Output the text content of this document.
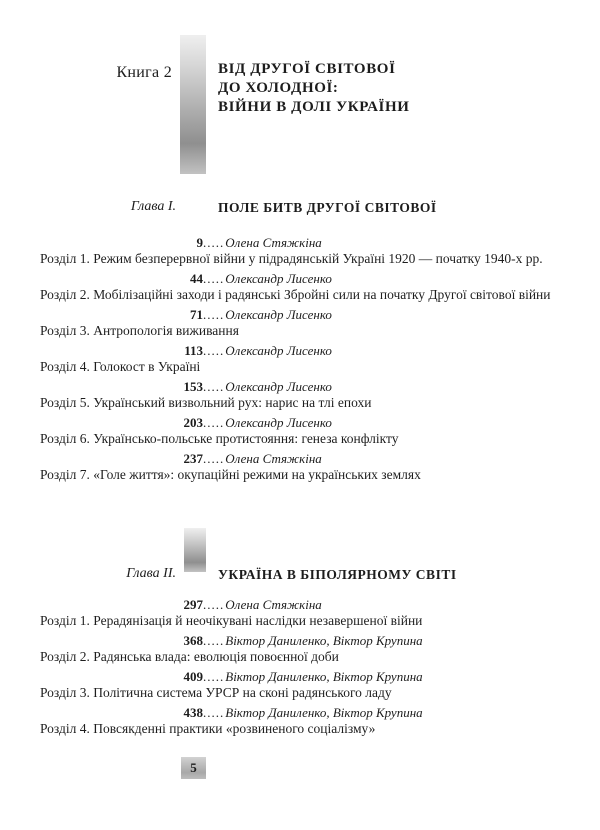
Книга 2	ВІД ДРУГОЇ СВІТОВОЇ
ДО ХОЛОДНОЇ:
ВІЙНИ В ДОЛІ УКРАЇНИ
Глава I.	ПОЛЕ БИТВ ДРУГОЇ СВІТОВОЇ
9 ..... Олена Стяжкіна
Розділ 1. Режим безперервної війни у підрадянській Україні 1920 — початку 1940-х рр.
44 ..... Олександр Лисенко
Розділ 2. Мобілізаційні заходи і радянські Збройні сили на початку Другої світової війни
71 ..... Олександр Лисенко
Розділ 3. Антропологія виживання
113 ..... Олександр Лисенко
Розділ 4. Голокост в Україні
153 ..... Олександр Лисенко
Розділ 5. Український визвольний рух: нарис на тлі епохи
203 ..... Олександр Лисенко
Розділ 6. Українсько-польське протистояння: генеза конфлікту
237 ..... Олена Стяжкіна
Розділ 7. «Голе життя»: окупаційні режими на українських землях
Глава II.	УКРАЇНА В БІПОЛЯРНОМУ СВІТІ
297 ..... Олена Стяжкіна
Розділ 1. Рерадянізація й неочікувані наслідки незавершеної війни
368 ..... Віктор Даниленко, Віктор Крупина
Розділ 2. Радянська влада: еволюція повоєнної доби
409 ..... Віктор Даниленко, Віктор Крупина
Розділ 3. Політична система УРСР на сконі радянського ладу
438 ..... Віктор Даниленко, Віктор Крупина
Розділ 4. Повсякденні практики «розвиненого соціалізму»
5
